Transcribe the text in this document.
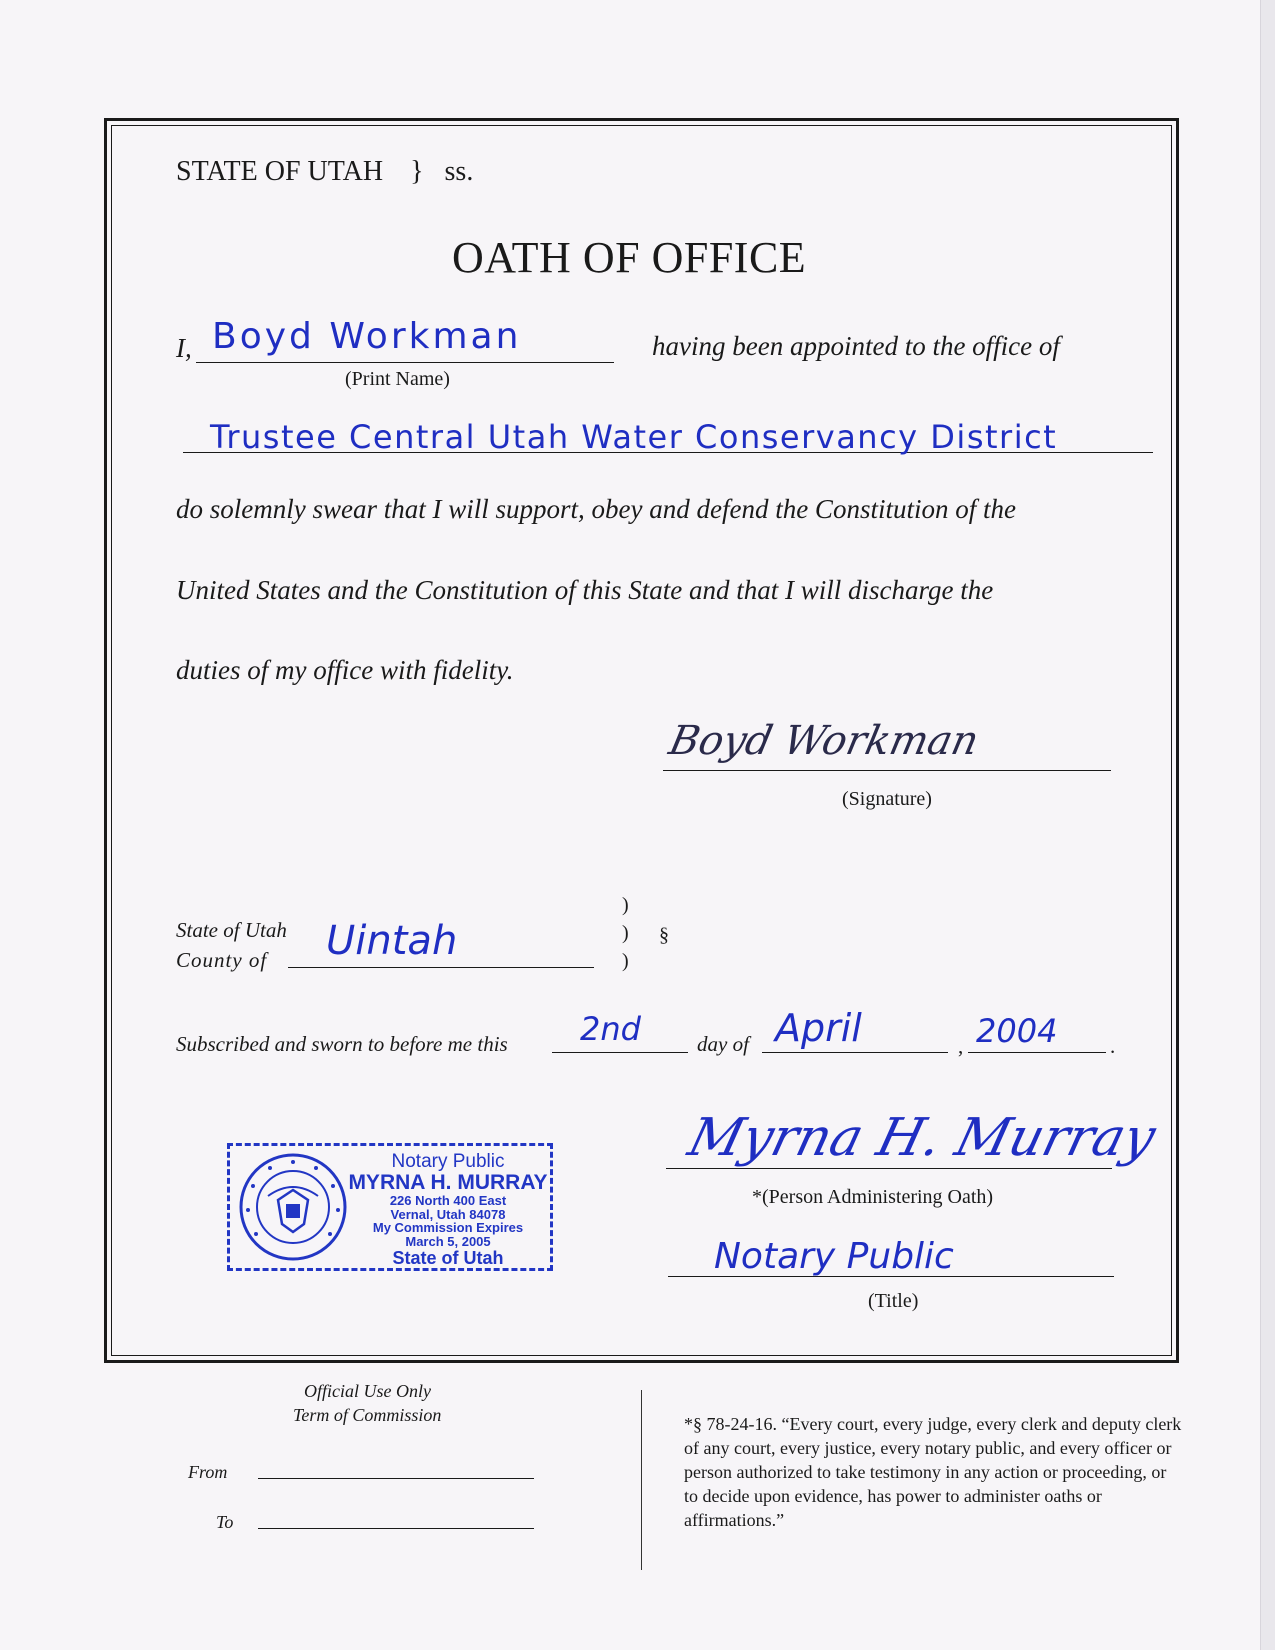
STATE OF UTAH } ss.
OATH OF OFFICE
I, Boyd Workman
(Print Name)
having been appointed to the office of
Trustee Central Utah Water Conservancy District
do solemnly swear that I will support, obey and defend the Constitution of the
United States and the Constitution of this State and that I will discharge the
duties of my office with fidelity.
Boyd Workman
(Signature)
State of Utah
County of Uintah
)
)
)
§
Subscribed and sworn to before me this 2nd	day of April	, 2004	.
Myrna H. Murray
*(Person Administering Oath)
Notary Public
(Title)
Notary Public
MYRNA H. MURRAY
226 North 400 East
Vernal, Utah 84078
My Commission Expires
March 5, 2005
State of Utah
Official Use Only
Term of Commission
From
To
*§ 78-24-16. “Every court, every judge, every clerk and deputy clerk of any court, every justice, every notary public, and every officer or person authorized to take testimony in any action or proceeding, or to decide upon evidence, has power to administer oaths or affirmations.”
